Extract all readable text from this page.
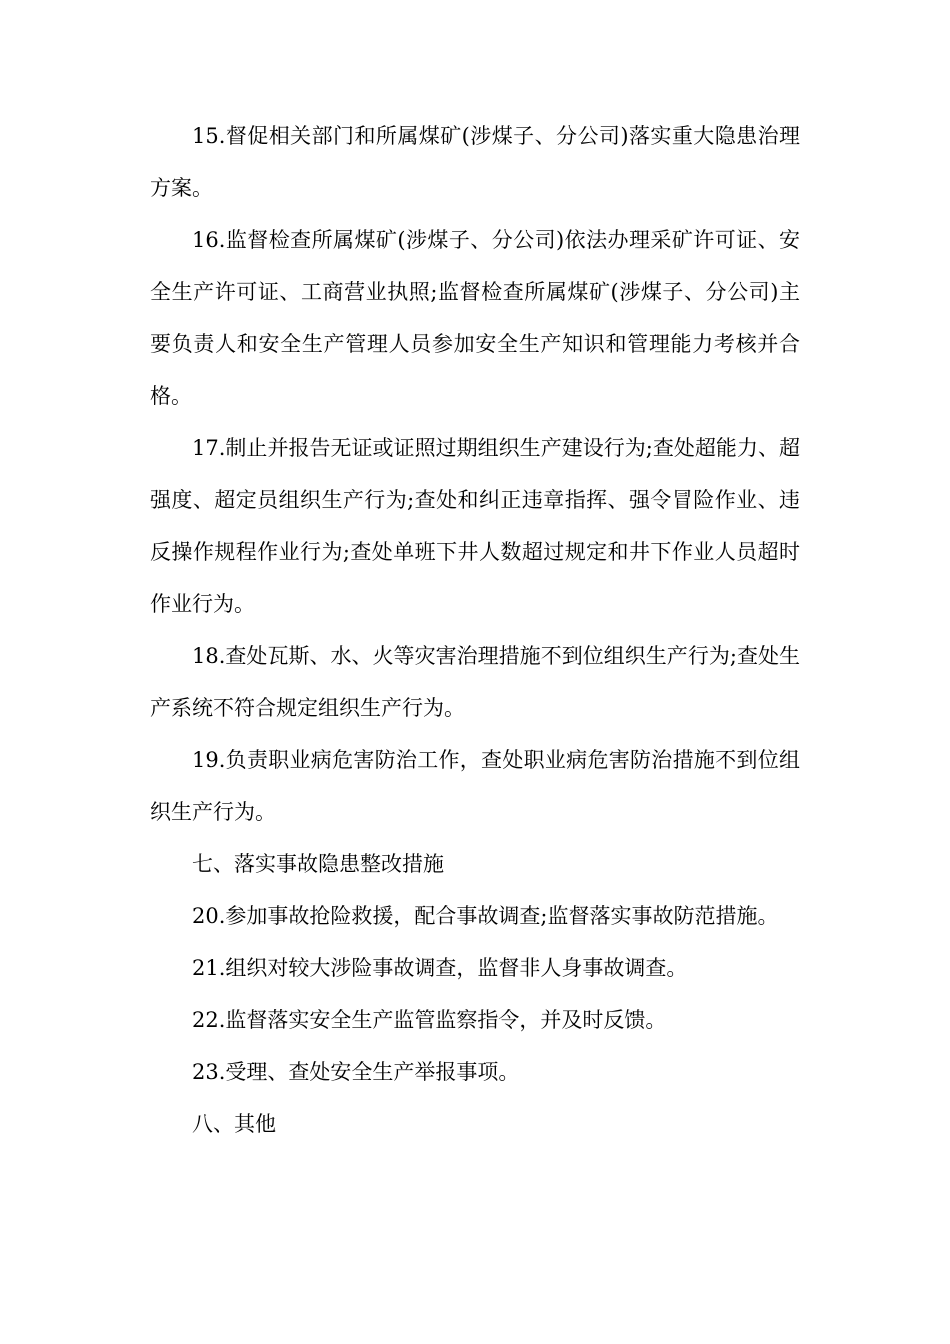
15.督促相关部门和所属煤矿(涉煤子、分公司)落实重大隐患治理方案。

16.监督检查所属煤矿(涉煤子、分公司)依法办理采矿许可证、安全生产许可证、工商营业执照;监督检查所属煤矿(涉煤子、分公司)主要负责人和安全生产管理人员参加安全生产知识和管理能力考核并合格。

17.制止并报告无证或证照过期组织生产建设行为;查处超能力、超强度、超定员组织生产行为;查处和纠正违章指挥、强令冒险作业、违反操作规程作业行为;查处单班下井人数超过规定和井下作业人员超时作业行为。

18.查处瓦斯、水、火等灾害治理措施不到位组织生产行为;查处生产系统不符合规定组织生产行为。

19.负责职业病危害防治工作，查处职业病危害防治措施不到位组织生产行为。

七、落实事故隐患整改措施

20.参加事故抢险救援，配合事故调查;监督落实事故防范措施。

21.组织对较大涉险事故调查，监督非人身事故调查。

22.监督落实安全生产监管监察指令，并及时反馈。

23.受理、查处安全生产举报事项。

八、其他
